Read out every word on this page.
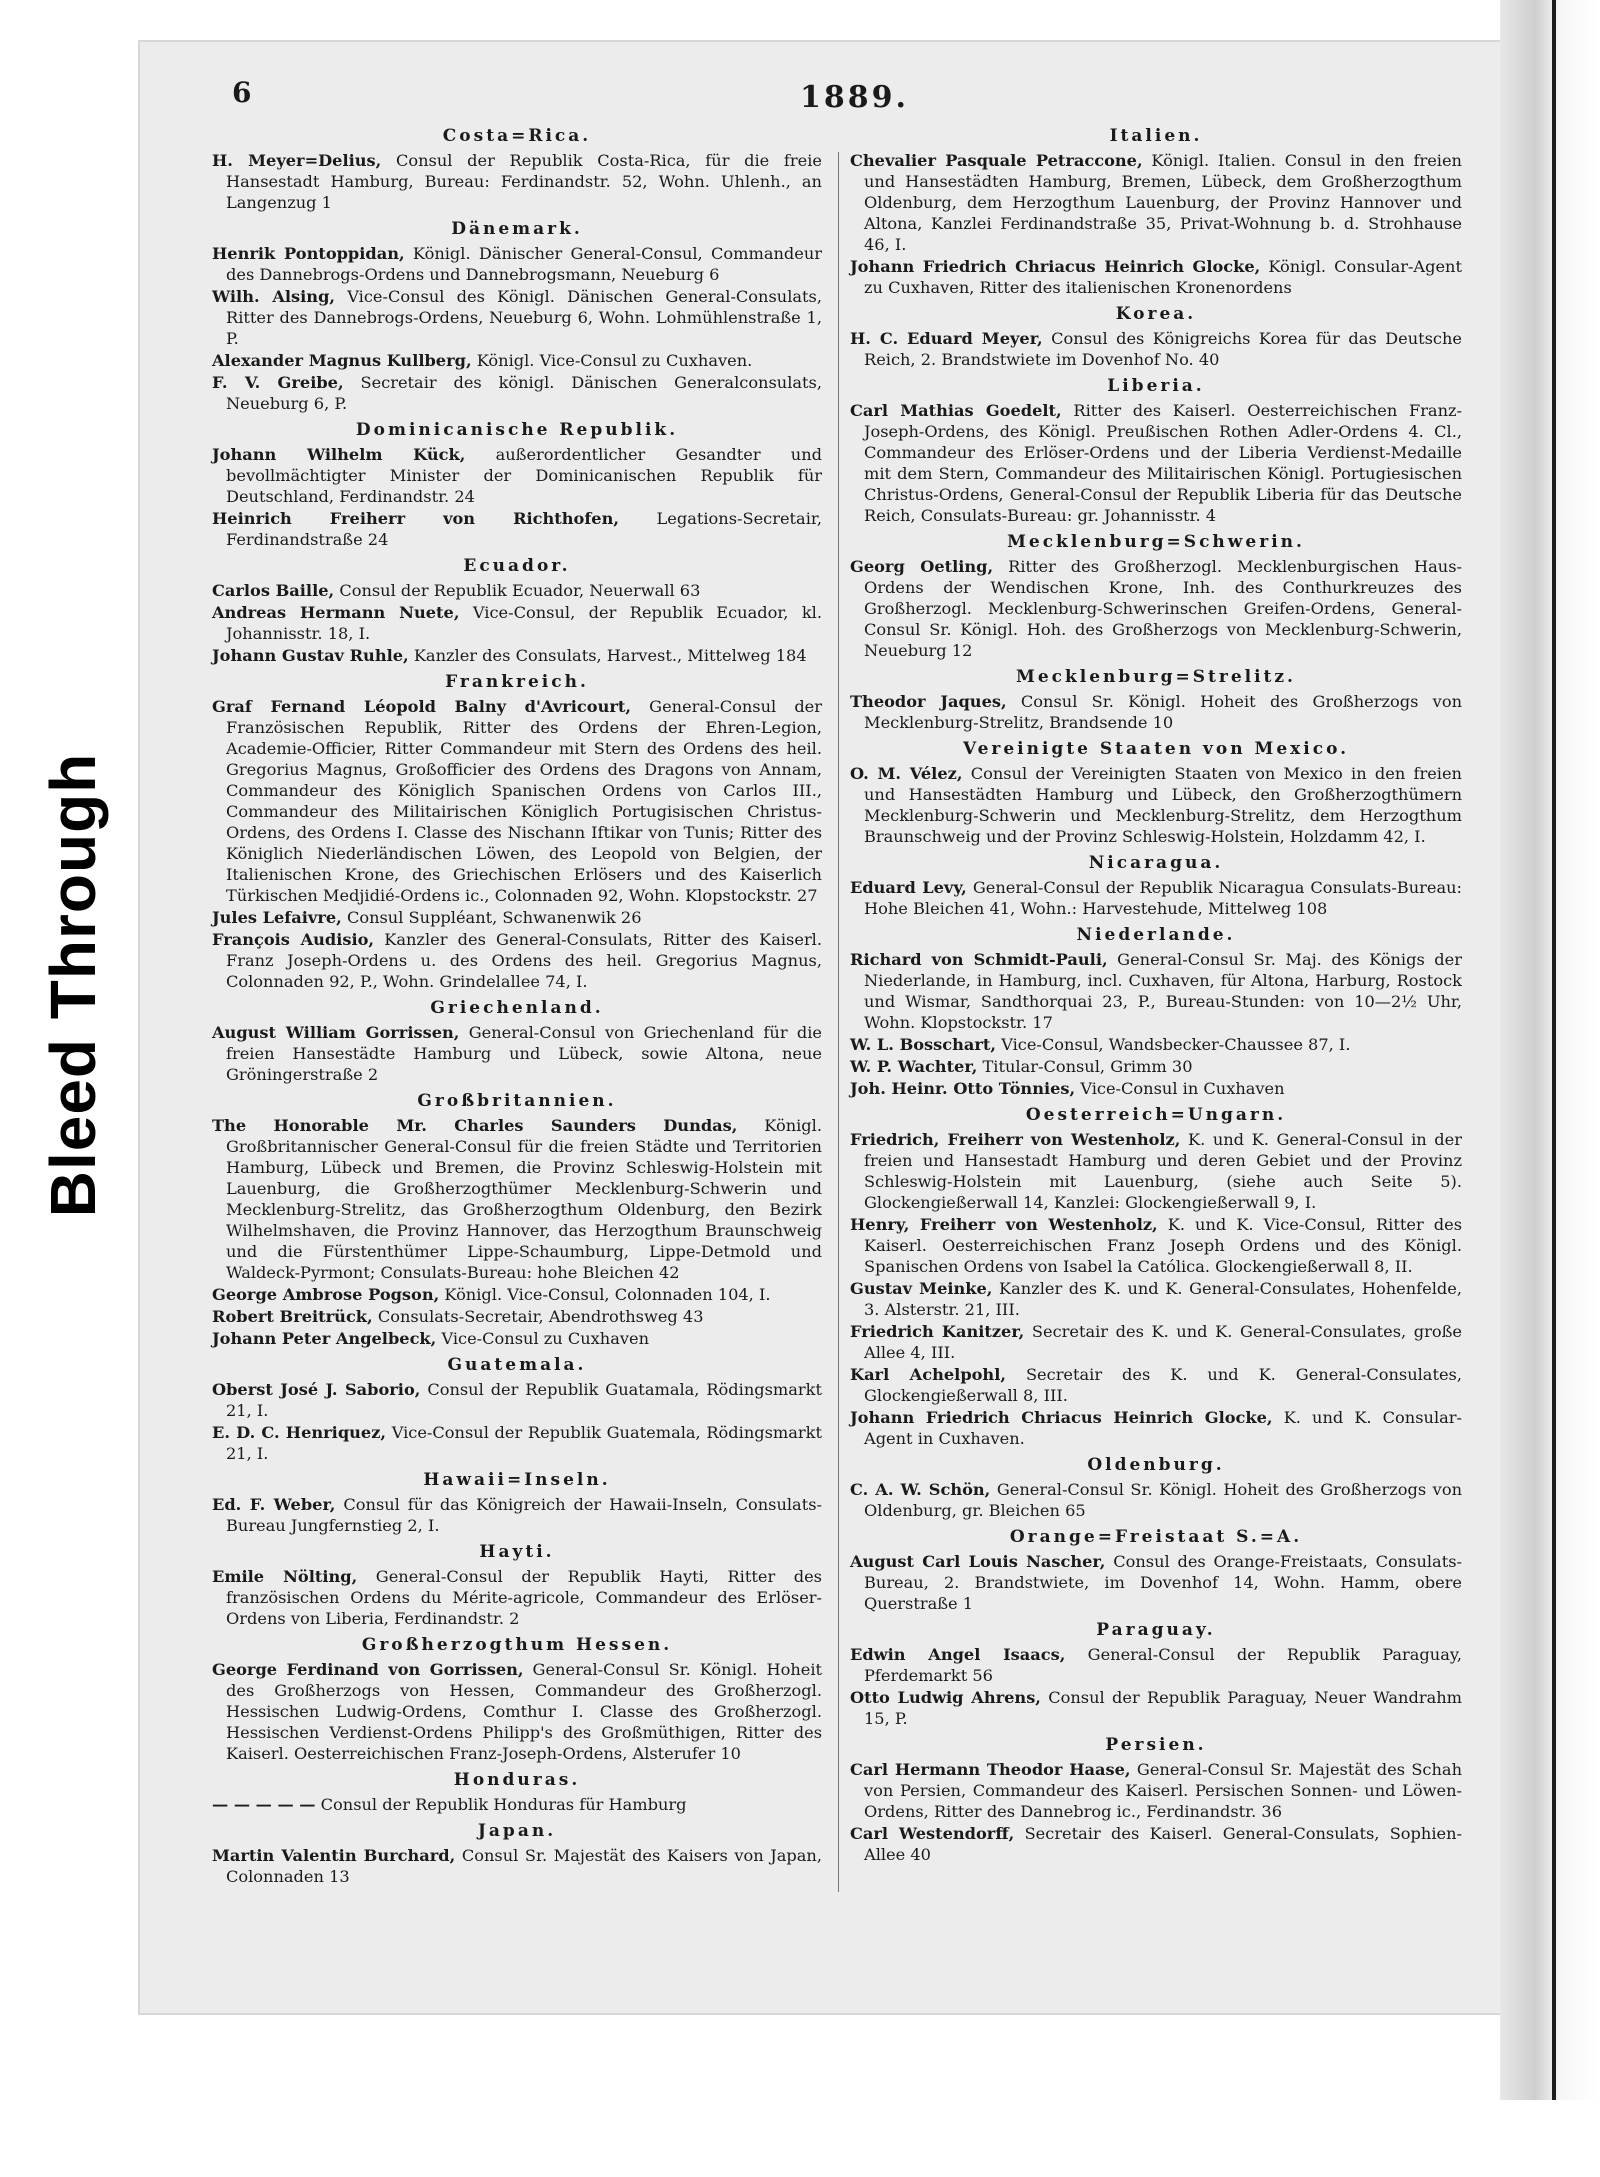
Bleed Through
6	1889.
Costa=Rica.
H. Meyer=Delius, Consul der Republik Costa-Rica, für die freie Hansestadt Hamburg, Bureau: Ferdinandstr. 52, Wohn. Uhlenh., an Langenzug 1
Dänemark.
Henrik Pontoppidan, Königl. Dänischer General-Consul, Commandeur des Dannebrogs-Ordens und Dannebrogsmann, Neueburg 6
Wilh. Alsing, Vice-Consul des Königl. Dänischen General-Consulats, Ritter des Dannebrogs-Ordens, Neueburg 6, Wohn. Lohmühlenstraße 1, P.
Alexander Magnus Kullberg, Königl. Vice-Consul zu Cuxhaven.
F. V. Greibe, Secretair des königl. Dänischen Generalconsulats, Neueburg 6, P.
Dominicanische Republik.
Johann Wilhelm Kück, außerordentlicher Gesandter und bevollmächtigter Minister der Dominicanischen Republik für Deutschland, Ferdinandstr. 24
Heinrich Freiherr von Richthofen, Legations-Secretair, Ferdinandstraße 24
Ecuador.
Carlos Baille, Consul der Republik Ecuador, Neuerwall 63
Andreas Hermann Nuete, Vice-Consul, der Republik Ecuador, kl. Johannisstr. 18, I.
Johann Gustav Ruhle, Kanzler des Consulats, Harvest., Mittelweg 184
Frankreich.
Graf Fernand Léopold Balny d'Avricourt, General-Consul der Französischen Republik, Ritter des Ordens der Ehren-Legion, Academie-Officier, Ritter Commandeur mit Stern des Ordens des heil. Gregorius Magnus, Großofficier des Ordens des Dragons von Annam, Commandeur des Königlich Spanischen Ordens von Carlos III., Commandeur des Militairischen Königlich Portugisischen Christus-Ordens, des Ordens I. Classe des Nischann Iftikar von Tunis; Ritter des Königlich Niederländischen Löwen, des Leopold von Belgien, der Italienischen Krone, des Griechischen Erlösers und des Kaiserlich Türkischen Medjidié-Ordens ic., Colonnaden 92, Wohn. Klopstockstr. 27
Jules Lefaivre, Consul Suppléant, Schwanenwik 26
François Audisio, Kanzler des General-Consulats, Ritter des Kaiserl. Franz Joseph-Ordens u. des Ordens des heil. Gregorius Magnus, Colonnaden 92, P., Wohn. Grindelallee 74, I.
Griechenland.
August William Gorrissen, General-Consul von Griechenland für die freien Hansestädte Hamburg und Lübeck, sowie Altona, neue Gröningerstraße 2
Großbritannien.
The Honorable Mr. Charles Saunders Dundas, Königl. Großbritannischer General-Consul für die freien Städte und Territorien Hamburg, Lübeck und Bremen, die Provinz Schleswig-Holstein mit Lauenburg, die Großherzogthümer Mecklenburg-Schwerin und Mecklenburg-Strelitz, das Großherzogthum Oldenburg, den Bezirk Wilhelmshaven, die Provinz Hannover, das Herzogthum Braunschweig und die Fürstenthümer Lippe-Schaumburg, Lippe-Detmold und Waldeck-Pyrmont; Consulats-Bureau: hohe Bleichen 42
George Ambrose Pogson, Königl. Vice-Consul, Colonnaden 104, I.
Robert Breitrück, Consulats-Secretair, Abendrothsweg 43
Johann Peter Angelbeck, Vice-Consul zu Cuxhaven
Guatemala.
Oberst José J. Saborio, Consul der Republik Guatamala, Rödingsmarkt 21, I.
E. D. C. Henriquez, Vice-Consul der Republik Guatemala, Rödingsmarkt 21, I.
Hawaii=Inseln.
Ed. F. Weber, Consul für das Königreich der Hawaii-Inseln, Consulats-Bureau Jungfernstieg 2, I.
Hayti.
Emile Nölting, General-Consul der Republik Hayti, Ritter des französischen Ordens du Mérite-agricole, Commandeur des Erlöser-Ordens von Liberia, Ferdinandstr. 2
Großherzogthum Hessen.
George Ferdinand von Gorrissen, General-Consul Sr. Königl. Hoheit des Großherzogs von Hessen, Commandeur des Großherzogl. Hessischen Ludwig-Ordens, Comthur I. Classe des Großherzogl. Hessischen Verdienst-Ordens Philipp's des Großmüthigen, Ritter des Kaiserl. Oesterreichischen Franz-Joseph-Ordens, Alsterufer 10
Honduras.
— — — — — Consul der Republik Honduras für Hamburg
Japan.
Martin Valentin Burchard, Consul Sr. Majestät des Kaisers von Japan, Colonnaden 13
Italien.
Chevalier Pasquale Petraccone, Königl. Italien. Consul in den freien und Hansestädten Hamburg, Bremen, Lübeck, dem Großherzogthum Oldenburg, dem Herzogthum Lauenburg, der Provinz Hannover und Altona, Kanzlei Ferdinandstraße 35, Privat-Wohnung b. d. Strohhause 46, I.
Johann Friedrich Chriacus Heinrich Glocke, Königl. Consular-Agent zu Cuxhaven, Ritter des italienischen Kronenordens
Korea.
H. C. Eduard Meyer, Consul des Königreichs Korea für das Deutsche Reich, 2. Brandstwiete im Dovenhof No. 40
Liberia.
Carl Mathias Goedelt, Ritter des Kaiserl. Oesterreichischen Franz-Joseph-Ordens, des Königl. Preußischen Rothen Adler-Ordens 4. Cl., Commandeur des Erlöser-Ordens und der Liberia Verdienst-Medaille mit dem Stern, Commandeur des Militairischen Königl. Portugiesischen Christus-Ordens, General-Consul der Republik Liberia für das Deutsche Reich, Consulats-Bureau: gr. Johannisstr. 4
Mecklenburg=Schwerin.
Georg Oetling, Ritter des Großherzogl. Mecklenburgischen Haus-Ordens der Wendischen Krone, Inh. des Conthurkreuzes des Großherzogl. Mecklenburg-Schwerinschen Greifen-Ordens, General-Consul Sr. Königl. Hoh. des Großherzogs von Mecklenburg-Schwerin, Neueburg 12
Mecklenburg=Strelitz.
Theodor Jaques, Consul Sr. Königl. Hoheit des Großherzogs von Mecklenburg-Strelitz, Brandsende 10
Vereinigte Staaten von Mexico.
O. M. Vélez, Consul der Vereinigten Staaten von Mexico in den freien und Hansestädten Hamburg und Lübeck, den Großherzogthümern Mecklenburg-Schwerin und Mecklenburg-Strelitz, dem Herzogthum Braunschweig und der Provinz Schleswig-Holstein, Holzdamm 42, I.
Nicaragua.
Eduard Levy, General-Consul der Republik Nicaragua Consulats-Bureau: Hohe Bleichen 41, Wohn.: Harvestehude, Mittelweg 108
Niederlande.
Richard von Schmidt-Pauli, General-Consul Sr. Maj. des Königs der Niederlande, in Hamburg, incl. Cuxhaven, für Altona, Harburg, Rostock und Wismar, Sandthorquai 23, P., Bureau-Stunden: von 10—2½ Uhr, Wohn. Klopstockstr. 17
W. L. Bosschart, Vice-Consul, Wandsbecker-Chaussee 87, I.
W. P. Wachter, Titular-Consul, Grimm 30
Joh. Heinr. Otto Tönnies, Vice-Consul in Cuxhaven
Oesterreich=Ungarn.
Friedrich, Freiherr von Westenholz, K. und K. General-Consul in der freien und Hansestadt Hamburg und deren Gebiet und der Provinz Schleswig-Holstein mit Lauenburg, (siehe auch Seite 5). Glockengießerwall 14, Kanzlei: Glockengießerwall 9, I.
Henry, Freiherr von Westenholz, K. und K. Vice-Consul, Ritter des Kaiserl. Oesterreichischen Franz Joseph Ordens und des Königl. Spanischen Ordens von Isabel la Católica. Glockengießerwall 8, II.
Gustav Meinke, Kanzler des K. und K. General-Consulates, Hohenfelde, 3. Alsterstr. 21, III.
Friedrich Kanitzer, Secretair des K. und K. General-Consulates, große Allee 4, III.
Karl Achelpohl, Secretair des K. und K. General-Consulates, Glockengießerwall 8, III.
Johann Friedrich Chriacus Heinrich Glocke, K. und K. Consular-Agent in Cuxhaven.
Oldenburg.
C. A. W. Schön, General-Consul Sr. Königl. Hoheit des Großherzogs von Oldenburg, gr. Bleichen 65
Orange=Freistaat S.=A.
August Carl Louis Nascher, Consul des Orange-Freistaats, Consulats-Bureau, 2. Brandstwiete, im Dovenhof 14, Wohn. Hamm, obere Querstraße 1
Paraguay.
Edwin Angel Isaacs, General-Consul der Republik Paraguay, Pferdemarkt 56
Otto Ludwig Ahrens, Consul der Republik Paraguay, Neuer Wandrahm 15, P.
Persien.
Carl Hermann Theodor Haase, General-Consul Sr. Majestät des Schah von Persien, Commandeur des Kaiserl. Persischen Sonnen- und Löwen-Ordens, Ritter des Dannebrog ic., Ferdinandstr. 36
Carl Westendorff, Secretair des Kaiserl. General-Consulats, Sophien-Allee 40
